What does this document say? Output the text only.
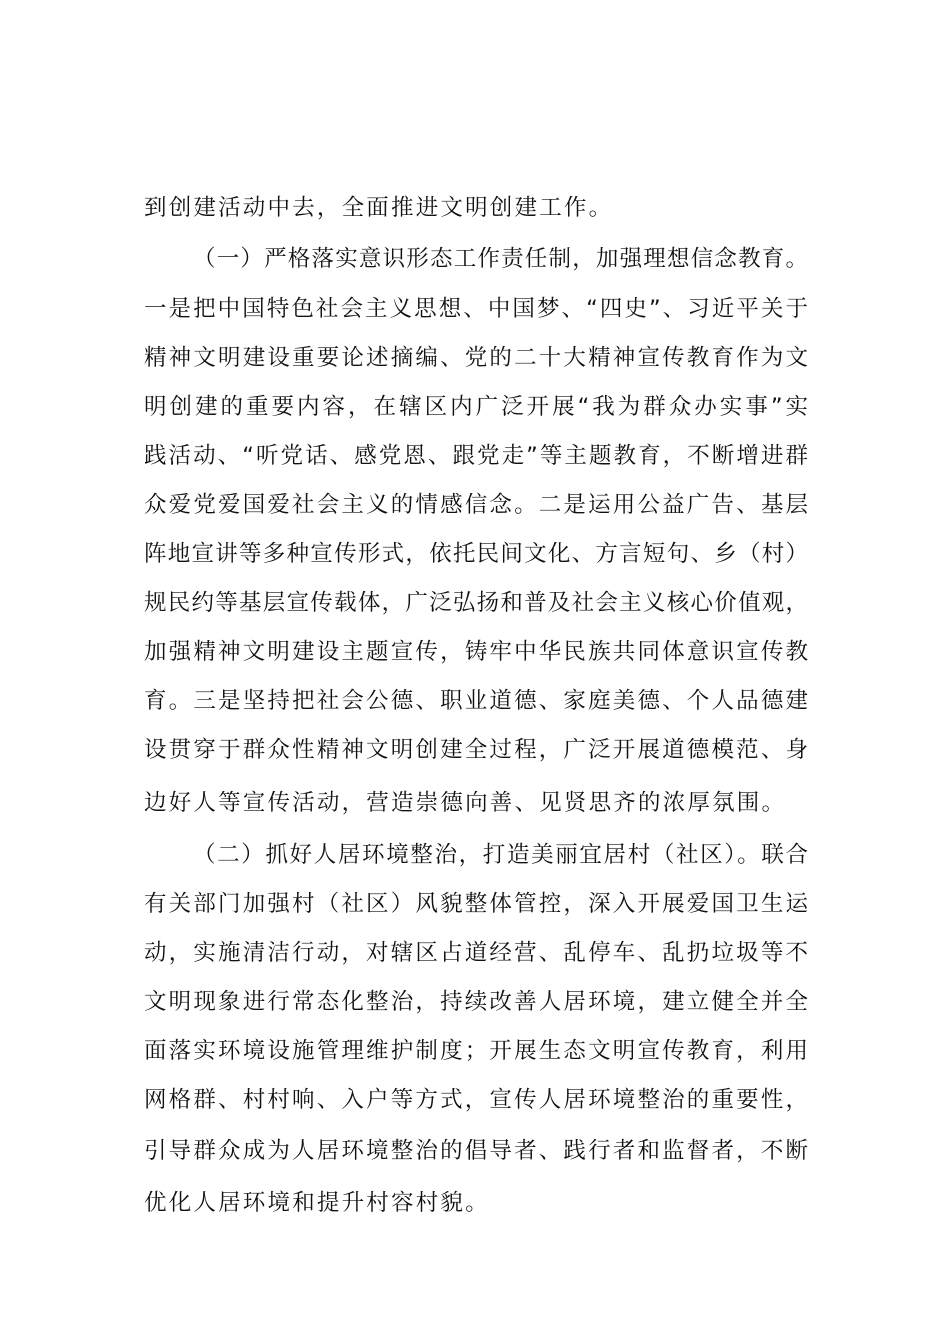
到创建活动中去，全面推进文明创建工作。
（一）严格落实意识形态工作责任制，加强理想信念教育。
一是把中国特色社会主义思想、中国梦、“四史”、习近平关于
精神文明建设重要论述摘编、党的二十大精神宣传教育作为文
明创建的重要内容，在辖区内广泛开展“我为群众办实事”实
践活动、“听党话、感党恩、跟党走”等主题教育，不断增进群
众爱党爱国爱社会主义的情感信念。二是运用公益广告、基层
阵地宣讲等多种宣传形式，依托民间文化、方言短句、乡（村）
规民约等基层宣传载体，广泛弘扬和普及社会主义核心价值观，
加强精神文明建设主题宣传，铸牢中华民族共同体意识宣传教
育。三是坚持把社会公德、职业道德、家庭美德、个人品德建
设贯穿于群众性精神文明创建全过程，广泛开展道德模范、身
边好人等宣传活动，营造崇德向善、见贤思齐的浓厚氛围。
（二）抓好人居环境整治，打造美丽宜居村（社区）。联合
有关部门加强村（社区）风貌整体管控，深入开展爱国卫生运
动，实施清洁行动，对辖区占道经营、乱停车、乱扔垃圾等不
文明现象进行常态化整治，持续改善人居环境，建立健全并全
面落实环境设施管理维护制度；开展生态文明宣传教育，利用
网格群、村村响、入户等方式，宣传人居环境整治的重要性，
引导群众成为人居环境整治的倡导者、践行者和监督者，不断
优化人居环境和提升村容村貌。
